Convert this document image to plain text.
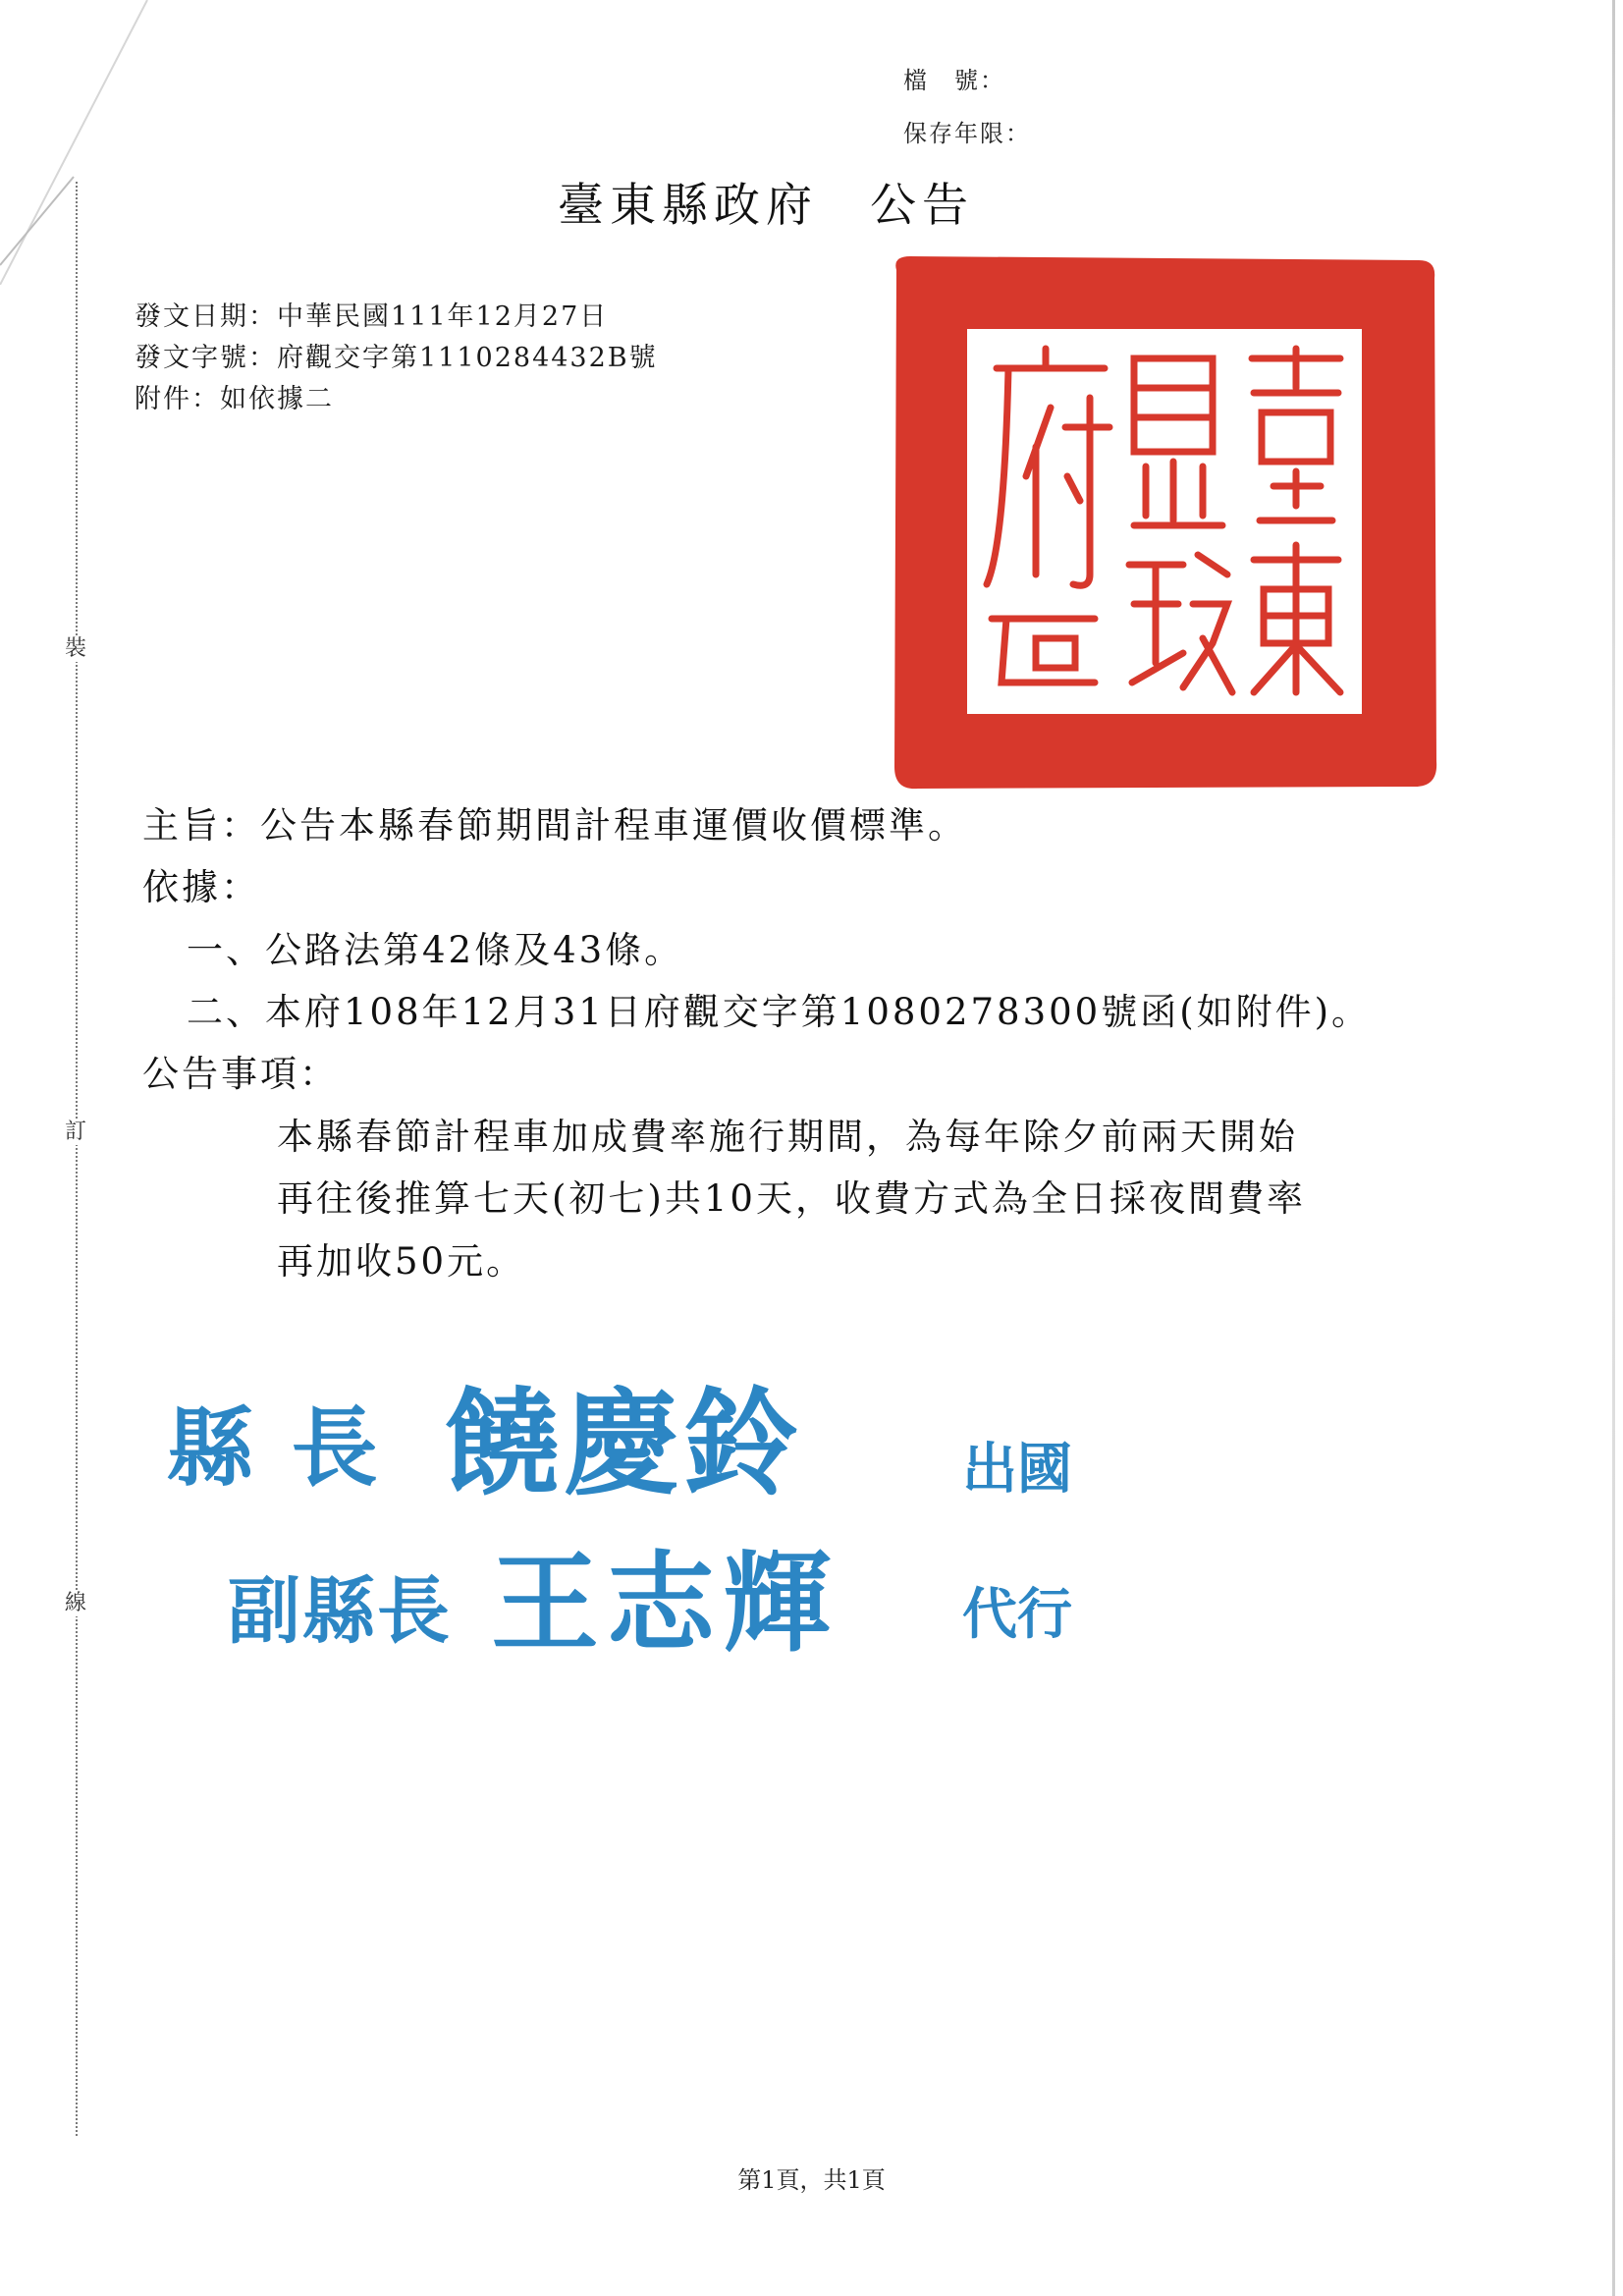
裝
訂
線
檔　號：
保存年限：
臺東縣政府　公告
發文日期：中華民國111年12月27日
發文字號：府觀交字第1110284432B號
附件：如依據二
主旨：公告本縣春節期間計程車運價收價標準。
依據：
一、公路法第42條及43條。
二、本府108年12月31日府觀交字第1080278300號函(如附件)。
公告事項：
本縣春節計程車加成費率施行期間，為每年除夕前兩天開始
再往後推算七天(初七)共10天，收費方式為全日採夜間費率
再加收50元。
縣 長 饒慶鈴	出國
副縣長 王志輝 代行
第1頁，共1頁
